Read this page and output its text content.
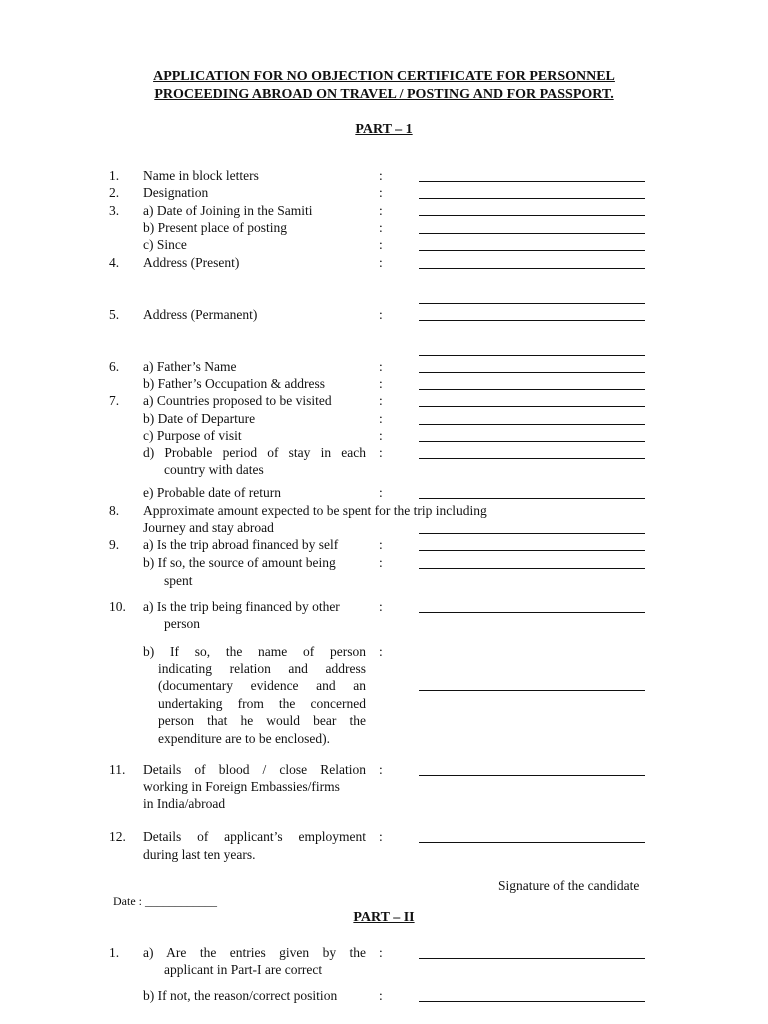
APPLICATION FOR NO OBJECTION CERTIFICATE FOR PERSONNEL
PROCEEDING ABROAD ON TRAVEL / POSTING AND FOR PASSPORT.
PART – 1
1. Name in block letters	:
2. Designation	:
3. a) Date of Joining in the Samiti	:
b) Present place of posting	:
c) Since	:
4. Address (Present)	:
5. Address (Permanent)	:
6. a) Father’s Name	:
b) Father’s Occupation & address	:
7. a) Countries proposed to be visited	:
b) Date of Departure	:
c) Purpose of visit	:
d) Probable period of stay in each :
country with dates
e) Probable date of return	:
8. Approximate amount expected to be spent for the trip including
Journey and stay abroad
9. a) Is the trip abroad financed by self	:
b) If so, the source of amount being	:
spent
10. a) Is the trip being financed by other	:
person
b) If so, the name of person :
indicating relation and address
(documentary evidence and an
undertaking from the concerned
person that he would bear the
expenditure are to be enclosed).
11. Details of blood / close Relation :
working in Foreign Embassies/firms
in India/abroad
12. Details of applicant’s employment :
during last ten years.
Signature of the candidate
Date : ____________
PART – II
1. a) Are the entries given by the :
applicant in Part-I are correct
b) If not, the reason/correct position	:
